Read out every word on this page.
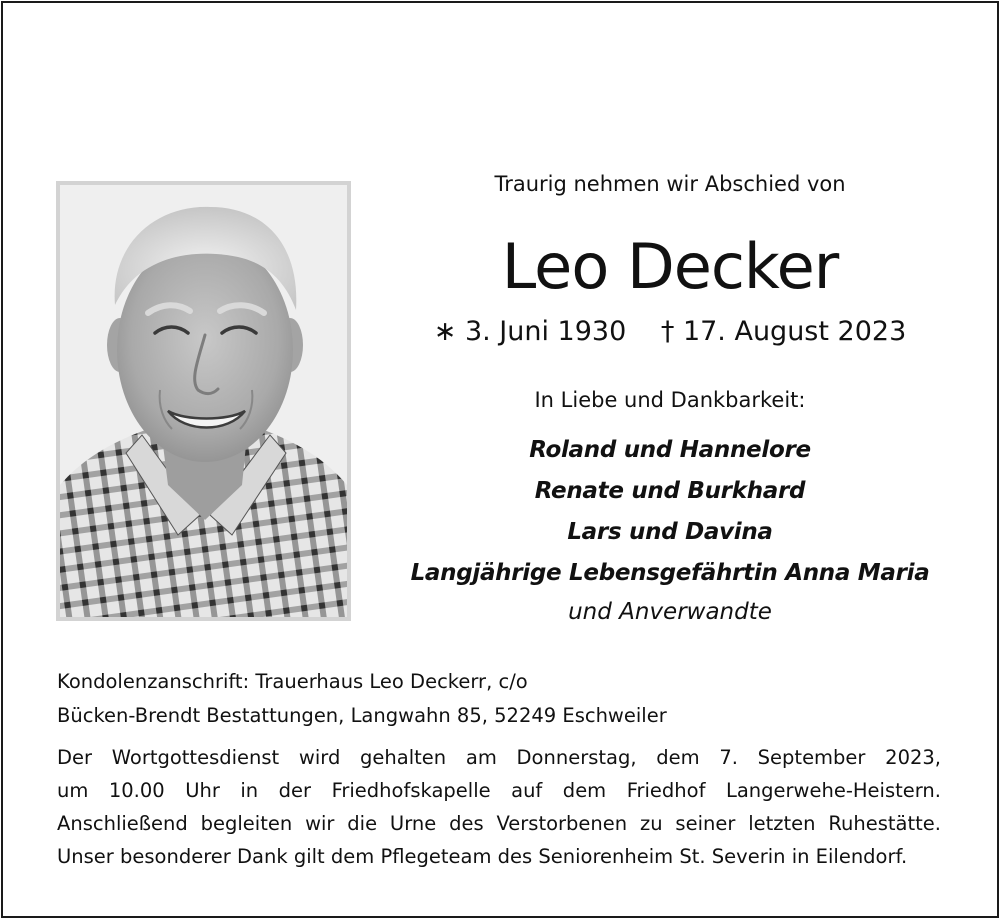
Traurig nehmen wir Abschied von
Leo Decker
∗ 3. Juni 1930 † 17. August 2023
In Liebe und Dankbarkeit:
Roland und Hannelore
Renate und Burkhard
Lars und Davina
Langjährige Lebensgefährtin Anna Maria
und Anverwandte
Kondolenzanschrift: Trauerhaus Leo Deckerr, c/o
Bücken-Brendt Bestattungen, Langwahn 85, 52249 Eschweiler
Der Wortgottesdienst wird gehalten am Donnerstag, dem 7. September 2023,
um 10.00 Uhr in der Friedhofskapelle auf dem Friedhof Langerwehe-Heistern.
Anschließend begleiten wir die Urne des Verstorbenen zu seiner letzten Ruhestätte.
Unser besonderer Dank gilt dem Pflegeteam des Seniorenheim St. Severin in Eilendorf.
